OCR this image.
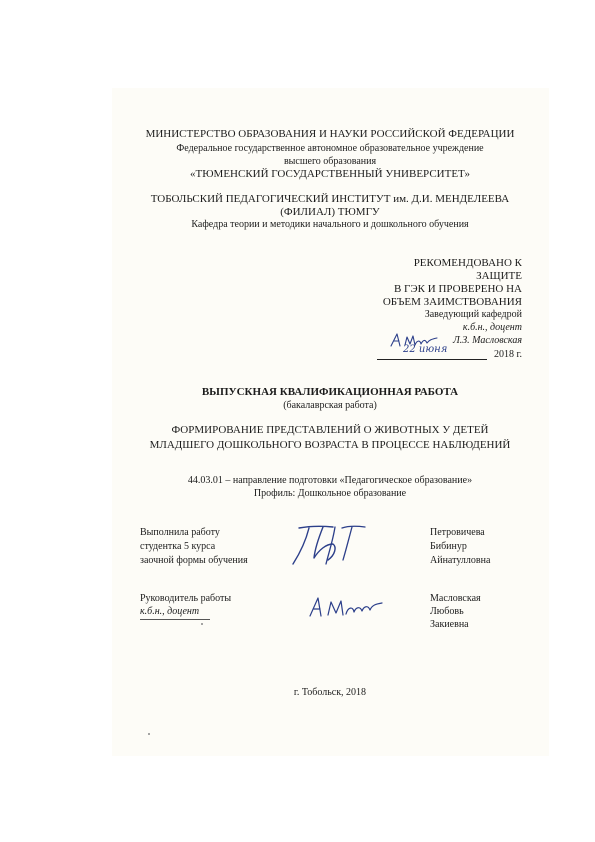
МИНИСТЕРСТВО ОБРАЗОВАНИЯ И НАУКИ РОССИЙСКОЙ ФЕДЕРАЦИИ

Федеральное государственное автономное образовательное учреждение

высшего образования

«ТЮМЕНСКИЙ ГОСУДАРСТВЕННЫЙ УНИВЕРСИТЕТ»

ТОБОЛЬСКИЙ ПЕДАГОГИЧЕСКИЙ ИНСТИТУТ им. Д.И. МЕНДЕЛЕЕВА

(ФИЛИАЛ) ТЮМГУ

Кафедра теории и методики начального и дошкольного обучения

РЕКОМЕНДОВАНО К

ЗАЩИТЕ

В ГЭК И ПРОВЕРЕНО НА

ОБЪЕМ ЗАИМСТВОВАНИЯ

Заведующий кафедрой

к.б.н., доцент

Л.З. Масловская

22 июня	2018 г.

ВЫПУСКНАЯ КВАЛИФИКАЦИОННАЯ РАБОТА

(бакалаврская работа)

ФОРМИРОВАНИЕ ПРЕДСТАВЛЕНИЙ О ЖИВОТНЫХ У ДЕТЕЙ

МЛАДШЕГО ДОШКОЛЬНОГО ВОЗРАСТА В ПРОЦЕССЕ НАБЛЮДЕНИЙ

44.03.01 – направление подготовки «Педагогическое образование»

Профиль: Дошкольное образование

Выполнила работу

студентка 5 курса

заочной формы обучения

Петровичева

Бибинур

Айнатулловна

Руководитель работы

к.б.н., доцент

Масловская

Любовь

Закиевна

г. Тобольск, 2018
